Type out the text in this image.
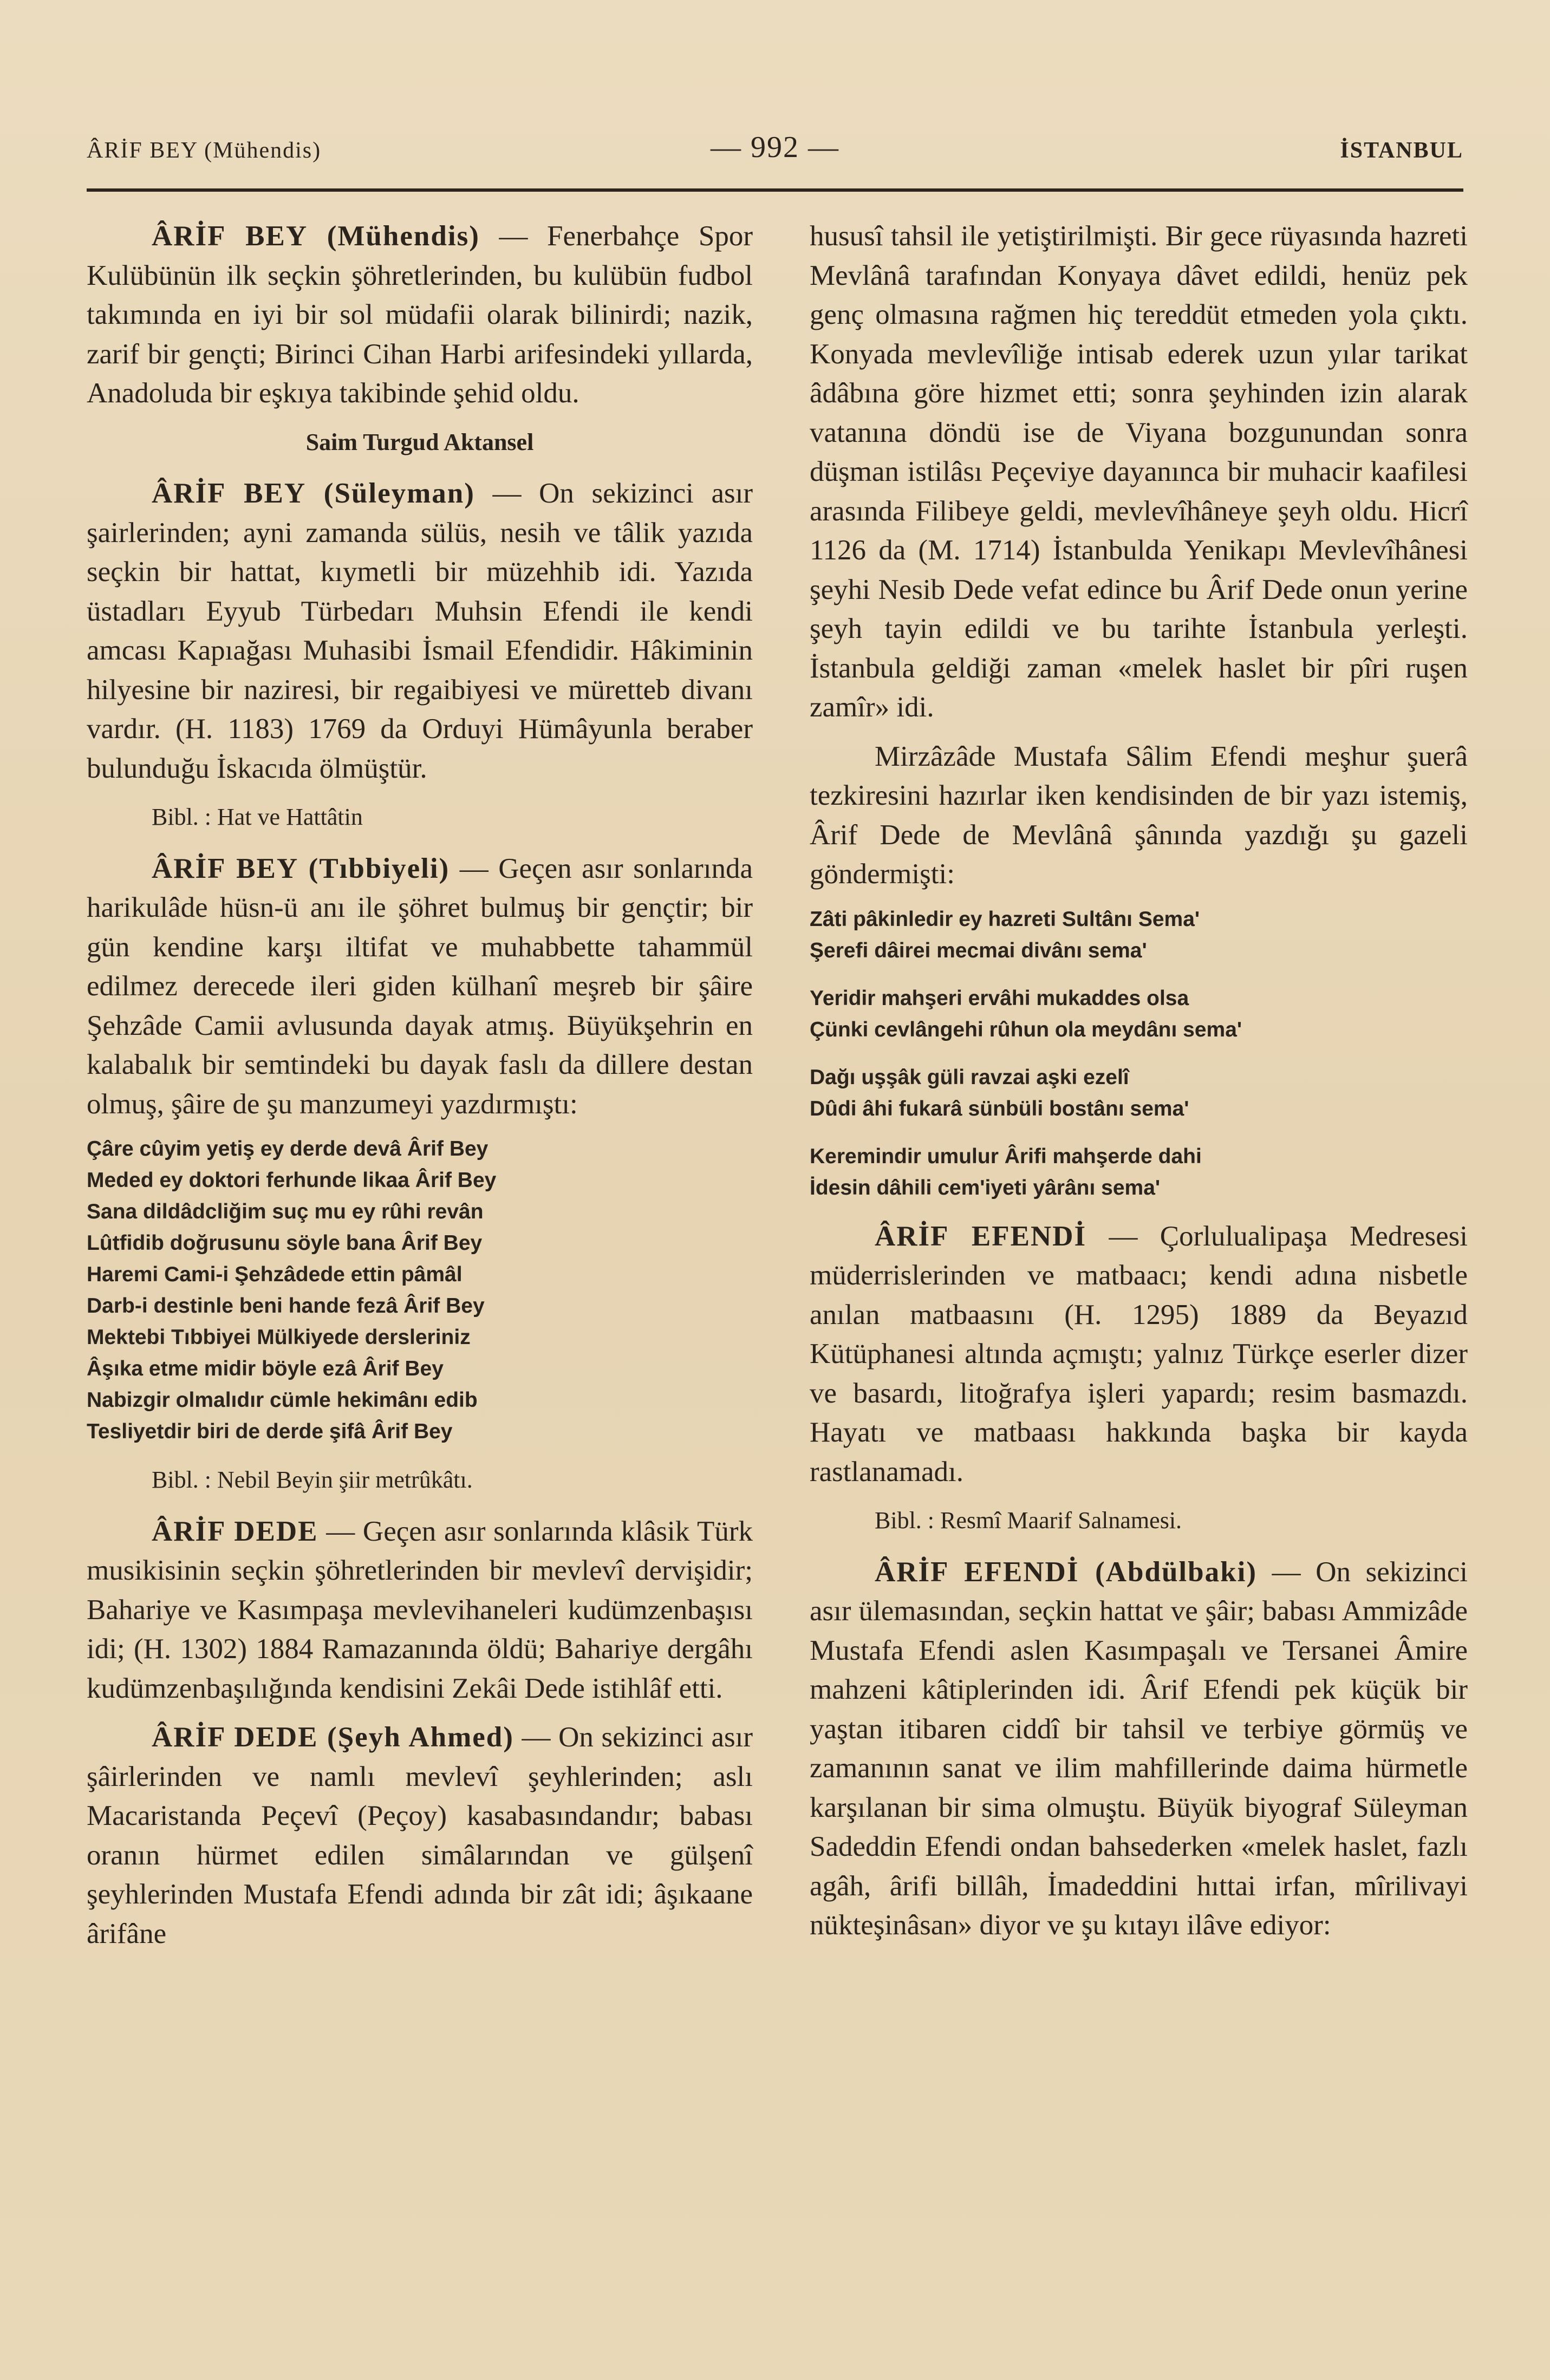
ÂRİF BEY (Mühendis)	— 992 —	İSTANBUL

ÂRİF BEY (Mühendis) — Fenerbahçe Spor Kulübünün ilk seçkin şöhretlerinden, bu kulübün fudbol takımında en iyi bir sol müdafii olarak bilinirdi; nazik, zarif bir gençti; Birinci Cihan Harbi arifesindeki yıllarda, Anadoluda bir eşkıya takibinde şehid oldu.

Saim Turgud Aktansel

ÂRİF BEY (Süleyman) — On sekizinci asır şairlerinden; ayni zamanda sülüs, nesih ve tâlik yazıda seçkin bir hattat, kıymetli bir müzehhib idi. Yazıda üstadları Eyyub Türbedarı Muhsin Efendi ile kendi amcası Kapıağası Muhasibi İsmail Efendidir. Hâkiminin hilyesine bir naziresi, bir regaibiyesi ve müretteb divanı vardır. (H. 1183) 1769 da Orduyi Hümâyunla beraber bulunduğu İskacıda ölmüştür.

Bibl. : Hat ve Hattâtin

ÂRİF BEY (Tıbbiyeli) — Geçen asır sonlarında harikulâde hüsn-ü anı ile şöhret bulmuş bir gençtir; bir gün kendine karşı iltifat ve muhabbette tahammül edilmez derecede ileri giden külhanî meşreb bir şâire Şehzâde Camii avlusunda dayak atmış. Büyükşehrin en kalabalık bir semtindeki bu dayak faslı da dillere destan olmuş, şâire de şu manzumeyi yazdırmıştı:

Çâre cûyim yetiş ey derde devâ Ârif Bey
Meded ey doktori ferhunde likaa Ârif Bey
Sana dildâdcliğim suç mu ey rûhi revân
Lûtfidib doğrusunu söyle bana Ârif Bey
Haremi Cami-i Şehzâdede ettin pâmâl
Darb-i destinle beni hande fezâ Ârif Bey
Mektebi Tıbbiyei Mülkiyede dersleriniz
Âşıka etme midir böyle ezâ Ârif Bey
Nabizgir olmalıdır cümle hekimânı edib
Tesliyetdir biri de derde şifâ Ârif Bey
Bibl. : Nebil Beyin şiir metrûkâtı.

ÂRİF DEDE — Geçen asır sonlarında klâsik Türk musikisinin seçkin şöhretlerinden bir mevlevî dervişidir; Bahariye ve Kasımpaşa mevlevihaneleri kudümzenbaşısı idi; (H. 1302) 1884 Ramazanında öldü; Bahariye dergâhı kudümzenbaşılığında kendisini Zekâi Dede istihlâf etti.

ÂRİF DEDE (Şeyh Ahmed) — On sekizinci asır şâirlerinden ve namlı mevlevî şeyhlerinden; aslı Macaristanda Peçevî (Peçoy) kasabasındandır; babası oranın hürmet edilen simâlarından ve gülşenî şeyhlerinden Mustafa Efendi adında bir zât idi; âşıkaane ârifâne

hususî tahsil ile yetiştirilmişti. Bir gece rüyasında hazreti Mevlânâ tarafından Konyaya dâvet edildi, henüz pek genç olmasına rağmen hiç tereddüt etmeden yola çıktı. Konyada mevlevîliğe intisab ederek uzun yılar tarikat âdâbına göre hizmet etti; sonra şeyhinden izin alarak vatanına döndü ise de Viyana bozgunundan sonra düşman istilâsı Peçeviye dayanınca bir muhacir kaafilesi arasında Filibeye geldi, mevlevîhâneye şeyh oldu. Hicrî 1126 da (M. 1714) İstanbulda Yenikapı Mevlevîhânesi şeyhi Nesib Dede vefat edince bu Ârif Dede onun yerine şeyh tayin edildi ve bu tarihte İstanbula yerleşti. İstanbula geldiği zaman «melek haslet bir pîri ruşen zamîr» idi.

Mirzâzâde Mustafa Sâlim Efendi meşhur şuerâ tezkiresini hazırlar iken kendisinden de bir yazı istemiş, Ârif Dede de Mevlânâ şânında yazdığı şu gazeli göndermişti:

Zâti pâkinledir ey hazreti Sultânı Sema'
Şerefi dâirei mecmai divânı sema'
Yeridir mahşeri ervâhi mukaddes olsa
Çünki cevlângehi rûhun ola meydânı sema'
Dağı uşşâk güli ravzai aşki ezelî
Dûdi âhi fukarâ sünbüli bostânı sema'
Keremindir umulur Ârifi mahşerde dahi
İdesin dâhili cem'iyeti yârânı sema'

ÂRİF EFENDİ — Çorlulualipaşa Medresesi müderrislerinden ve matbaacı; kendi adına nisbetle anılan matbaasını (H. 1295) 1889 da Beyazıd Kütüphanesi altında açmıştı; yalnız Türkçe eserler dizer ve basardı, litoğrafya işleri yapardı; resim basmazdı. Hayatı ve matbaası hakkında başka bir kayda rastlanamadı.

Bibl. : Resmî Maarif Salnamesi.

ÂRİF EFENDİ (Abdülbaki) — On sekizinci asır ülemasından, seçkin hattat ve şâir; babası Ammizâde Mustafa Efendi aslen Kasımpaşalı ve Tersanei Âmire mahzeni kâtiplerinden idi. Ârif Efendi pek küçük bir yaştan itibaren ciddî bir tahsil ve terbiye görmüş ve zamanının sanat ve ilim mahfillerinde daima hürmetle karşılanan bir sima olmuştu. Büyük biyograf Süleyman Sadeddin Efendi ondan bahsederken «melek haslet, fazlı agâh, ârifi billâh, İmadeddini hıttai irfan, mîrilivayi nükteşinâsan» diyor ve şu kıtayı ilâve ediyor:
